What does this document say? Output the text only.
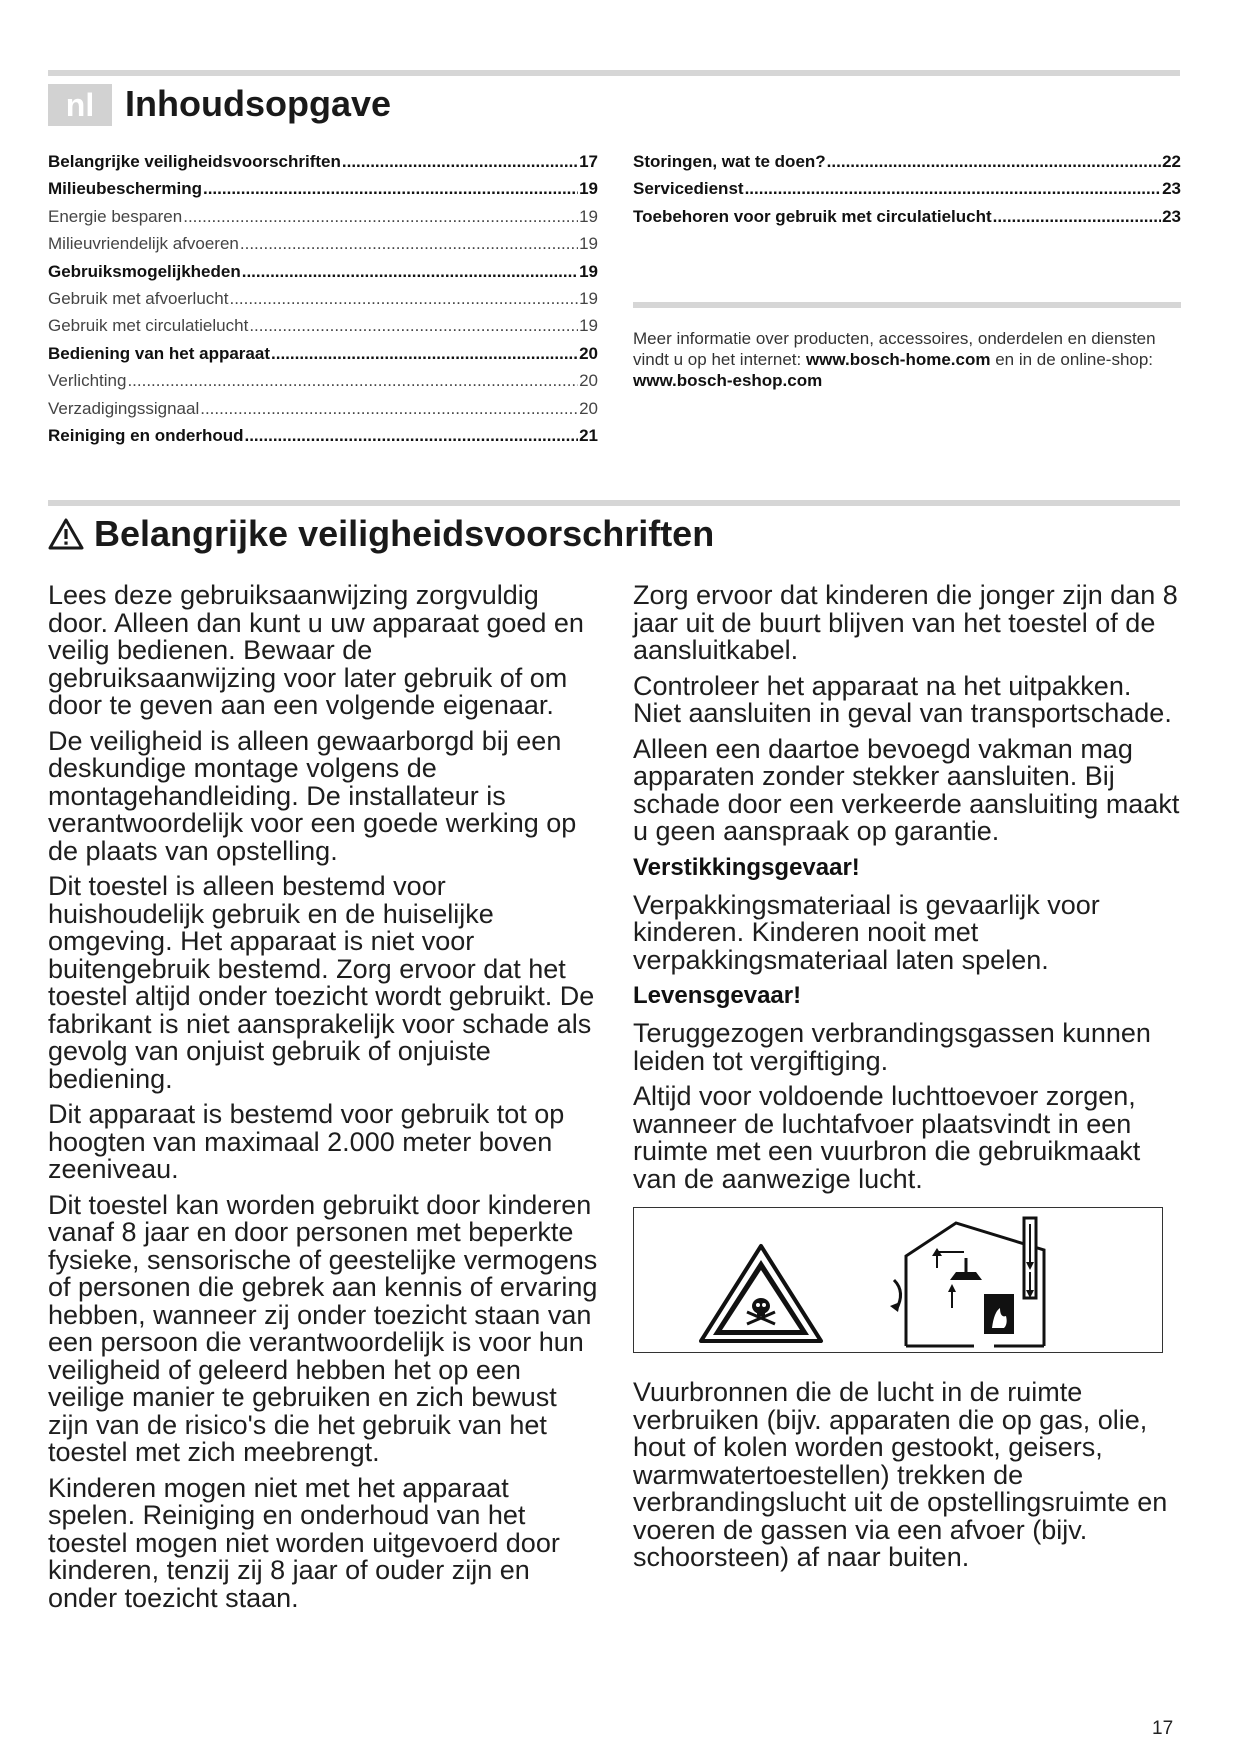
nl Inhoudsopgave
Belangrijke veiligheidsvoorschriften .....	17
Milieubescherming .....	19
Energie besparen .....	19
Milieuvriendelijk afvoeren .....	19
Gebruiksmogelijkheden .....	19
Gebruik met afvoerlucht .....	19
Gebruik met circulatielucht .....	19
Bediening van het apparaat .....	20
Verlichting .....	20
Verzadigingssignaal .....	20
Reiniging en onderhoud .....	21
Storingen, wat te doen? .....	22
Servicedienst .....	23
Toebehoren voor gebruik met circulatielucht .....	23

Meer informatie over producten, accessoires, onderdelen en diensten vindt u op het internet: www.bosch-home.com en in de online-shop: www.bosch-eshop.com

Belangrijke veiligheidsvoorschriften

Lees deze gebruiksaanwijzing zorgvuldig door. Alleen dan kunt u uw apparaat goed en veilig bedienen. Bewaar de gebruiksaanwijzing voor later gebruik of om door te geven aan een volgende eigenaar.

De veiligheid is alleen gewaarborgd bij een deskundige montage volgens de montagehandleiding. De installateur is verantwoordelijk voor een goede werking op de plaats van opstelling.

Dit toestel is alleen bestemd voor huishoudelijk gebruik en de huiselijke omgeving. Het apparaat is niet voor buitengebruik bestemd. Zorg ervoor dat het toestel altijd onder toezicht wordt gebruikt. De fabrikant is niet aansprakelijk voor schade als gevolg van onjuist gebruik of onjuiste bediening.

Dit apparaat is bestemd voor gebruik tot op hoogten van maximaal 2.000 meter boven zeeniveau.

Dit toestel kan worden gebruikt door kinderen vanaf 8 jaar en door personen met beperkte fysieke, sensorische of geestelijke vermogens of personen die gebrek aan kennis of ervaring hebben, wanneer zij onder toezicht staan van een persoon die verantwoordelijk is voor hun veiligheid of geleerd hebben het op een veilige manier te gebruiken en zich bewust zijn van de risico's die het gebruik van het toestel met zich meebrengt.

Kinderen mogen niet met het apparaat spelen. Reiniging en onderhoud van het toestel mogen niet worden uitgevoerd door kinderen, tenzij zij 8 jaar of ouder zijn en onder toezicht staan.

Zorg ervoor dat kinderen die jonger zijn dan 8 jaar uit de buurt blijven van het toestel of de aansluitkabel.

Controleer het apparaat na het uitpakken. Niet aansluiten in geval van transportschade.

Alleen een daartoe bevoegd vakman mag apparaten zonder stekker aansluiten. Bij schade door een verkeerde aansluiting maakt u geen aanspraak op garantie.

Verstikkingsgevaar!

Verpakkingsmateriaal is gevaarlijk voor kinderen. Kinderen nooit met verpakkingsmateriaal laten spelen.

Levensgevaar!

Teruggezogen verbrandingsgassen kunnen leiden tot vergiftiging.

Altijd voor voldoende luchttoevoer zorgen, wanneer de luchtafvoer plaatsvindt in een ruimte met een vuurbron die gebruikmaakt van de aanwezige lucht.

Vuurbronnen die de lucht in de ruimte verbruiken (bijv. apparaten die op gas, olie, hout of kolen worden gestookt, geisers, warmwatertoestellen) trekken de verbrandingslucht uit de opstellingsruimte en voeren de gassen via een afvoer (bijv. schoorsteen) af naar buiten.

17
